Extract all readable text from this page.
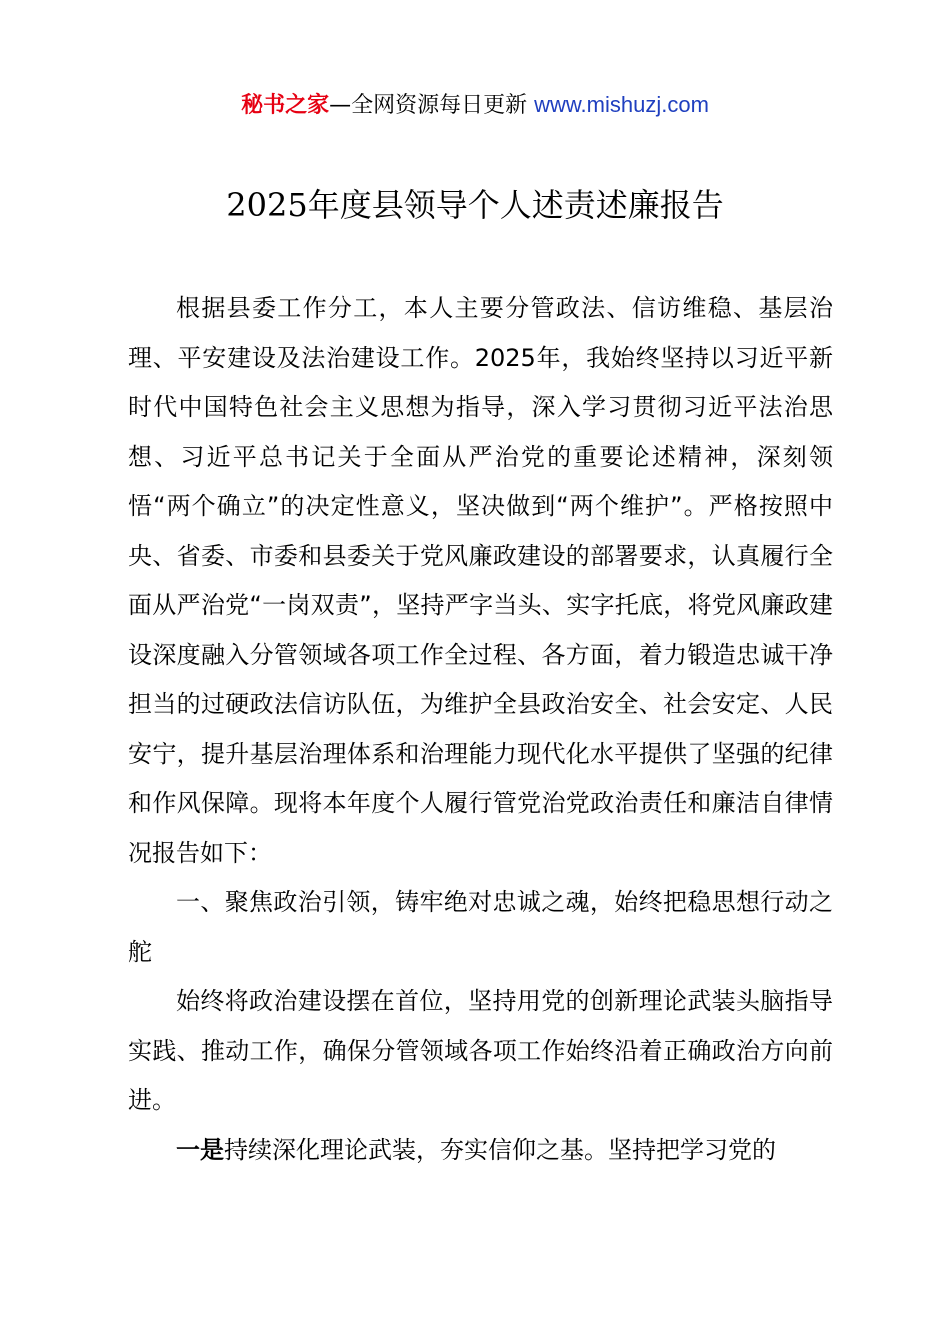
秘书之家—全网资源每日更新 www.mishuzj.com
2025年度县领导个人述责述廉报告

根据县委工作分工，本人主要分管政法、信访维稳、基层治理、平安建设及法治建设工作。2025年，我始终坚持以习近平新时代中国特色社会主义思想为指导，深入学习贯彻习近平法治思想、习近平总书记关于全面从严治党的重要论述精神，深刻领悟“两个确立”的决定性意义，坚决做到“两个维护”。严格按照中央、省委、市委和县委关于党风廉政建设的部署要求，认真履行全面从严治党“一岗双责”，坚持严字当头、实字托底，将党风廉政建设深度融入分管领域各项工作全过程、各方面，着力锻造忠诚干净担当的过硬政法信访队伍，为维护全县政治安全、社会安定、人民安宁，提升基层治理体系和治理能力现代化水平提供了坚强的纪律和作风保障。现将本年度个人履行管党治党政治责任和廉洁自律情况报告如下：

一、聚焦政治引领，铸牢绝对忠诚之魂，始终把稳思想行动之舵

始终将政治建设摆在首位，坚持用党的创新理论武装头脑指导实践、推动工作，确保分管领域各项工作始终沿着正确政治方向前进。

一是持续深化理论武装，夯实信仰之基。坚持把学习党的
